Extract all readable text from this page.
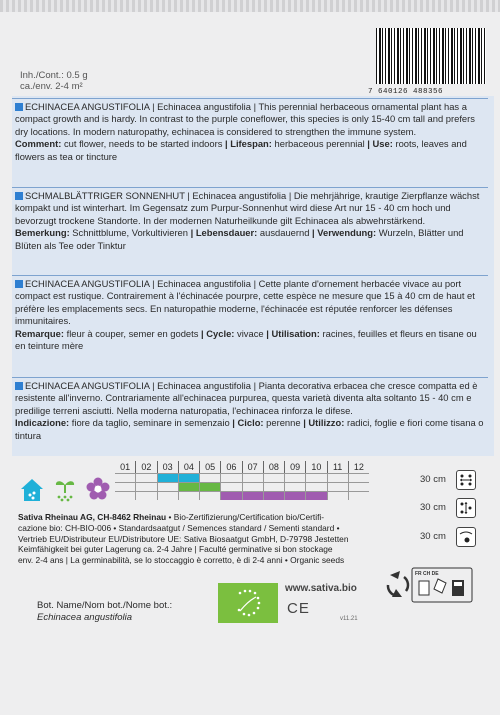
Inh./Cont.: 0.5 g
ca./env. 2-4 m²	7 640126 488356
ECHINACEA ANGUSTIFOLIA | Echinacea angustifolia | This perennial herbaceous ornamental plant has a compact growth and is hardy. In contrast to the purple coneflower, this species is only 15-40 cm tall and prefers dry locations. In modern naturopathy, echinacea is considered to strengthen the immune system.
Comment: cut flower, needs to be started indoors | Lifespan: herbaceous perennial | Use: roots, leaves and flowers as tea or tincture
SCHMALBLÄTTRIGER SONNENHUT | Echinacea angustifolia | Die mehrjährige, krautige Zierpflanze wächst kompakt und ist winterhart. Im Gegensatz zum Purpur-Sonnenhut wird diese Art nur 15 - 40 cm hoch und bevorzugt trockene Standorte. In der modernen Naturheilkunde gilt Echinacea als abwehrstärkend.
Bemerkung: Schnittblume, Vorkultivieren | Lebensdauer: ausdauernd | Verwendung: Wurzeln, Blätter und Blüten als Tee oder Tinktur
ECHINACEA ANGUSTIFOLIA | Echinacea angustifolia | Cette plante d'ornement herbacée vivace au port compact est rustique. Contrairement à l'échinacée pourpre, cette espèce ne mesure que 15 à 40 cm de haut et préfère les emplacements secs. En naturopathie moderne, l'échinacée est réputée renforcer les défenses immunitaires.
Remarque: fleur à couper, semer en godets | Cycle: vivace | Utilisation: racines, feuilles et fleurs en tisane ou en teinture mère
ECHINACEA ANGUSTIFOLIA | Echinacea angustifolia | Pianta decorativa erbacea che cresce compatta ed è resistente all'inverno. Contrariamente all'echinacea purpurea, questa varietà diventa alta soltanto 15 - 40 cm e predilige terreni asciutti. Nella moderna naturopatia, l'echinacea rinforza le difese.
Indicazione: fiore da taglio, seminare in semenzaio | Ciclo: perenne | Utilizzo: radici, foglie e fiori come tisana o tintura
01	02	03	04	05	06	07	08	09	10	11	12
30 cm
30 cm
30 cm
Sativa Rheinau AG, CH-8462 Rheinau • Bio-Zertifizierung/Certification bio/Certifi-
cazione bio: CH-BIO-006 • Standardsaatgut / Semences standard / Sementi standard •
Vertrieb EU/Distributeur EU/Distributore UE: Sativa Biosaatgut GmbH, D-79798 Jestetten
Keimfähigkeit bei guter Lagerung ca. 2-4 Jahre | Faculté germinative si bon stockage
env. 2-4 ans | La germinabilità, se lo stoccaggio è corretto, è di 2-4 anni • Organic seeds
Bot. Name/Nom bot./Nome bot.:
Echinacea angustifolia
www.sativa.bio
CE
v11.21
FR CH DE
